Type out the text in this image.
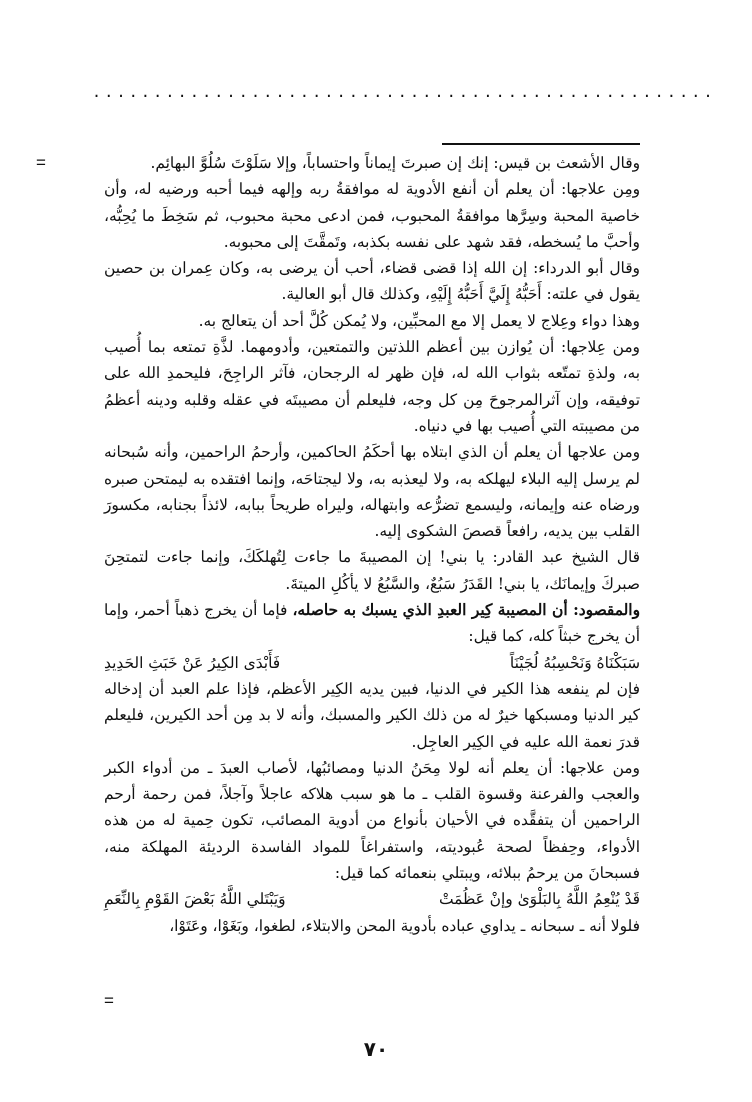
...................................................
=	وقال الأشعث بن قيس: إنك إن صبرتَ إيماناً واحتساباً، وإلا سَلَوْتَ سُلُوَّ البهائِم.

ومِن علاجها: أن يعلم أن أنفع الأدوية له موافقةُ ربه وإلهه فيما أحبه ورضيه له، وأن خاصية المحبة وسِرَّها موافقةُ المحبوب، فمن ادعى محبة محبوب، ثم سَخِطَ ما يُحِبُّه، وأحبَّ ما يُسخطه، فقد شهد على نفسه بكذبه، وتَمقَّتَ إلى محبوبه.

وقال أبو الدرداء: إن الله إذا قضى قضاء، أحب أن يرضى به، وكان عِمران بن حصين يقول في علته: أَحَبُّهُ إِلَيَّ أَحَبُّهُ إِلَيْهِ، وكذلك قال أبو العالية.

وهذا دواء وعِلاج لا يعمل إلا مع المحبِّين، ولا يُمكن كُلَّ أحد أن يتعالج به.

ومن عِلاجها: أن يُوازن بين أعظم اللذتين والتمتعين، وأدومهما. لذَّةِ تمتعه بما أُصيب به، ولذةِ تمتّعه بثواب الله له، فإن ظهر له الرجحان، فآثر الراجِحَ، فليحمدِ الله على توفيقه، وإن آثرالمرجوحَ مِن كل وجه، فليعلم أن مصيبتَه في عقله وقلبه ودينه أعظمُ من مصيبته التي أُصيب بها في دنياه.

ومن علاجها أن يعلم أن الذي ابتلاه بها أحكَمُ الحاكمين، وأرحمُ الراحمين، وأنه سُبحانه لم يرسل إليه البلاء ليهلكه به، ولا ليعذبه به، ولا ليجتاحَه، وإنما افتقده به ليمتحن صبره ورضاه عنه وإيمانه، وليسمع تضرُّعه وابتهاله، وليراه طريحاً ببابه، لائذاً بجنابه، مكسورَ القلب بين يديه، رافعاً قصصَ الشكوى إليه.

قال الشيخ عبد القادر: يا بني! إن المصيبةَ ما جاءت لِتُهلكَكَ، وإنما جاءت لتمتحِنَ صبركَ وإيمانَك، يا بني! القَدَرُ سَبُعٌ، والسَّبُعُ لا يأكُلِ الميتةَ.

والمقصود: أن المصيبة كِير العبدِ الذي يسبك به حاصله، فإما أن يخرج ذهباً أحمر، وإما أن يخرج خبثاً كله، كما قيل:

سَبَكْنَاهُ وَنَحْسِبُهُ لُجَيْنَاً
فَأَبْدَى الكِيرُ عَنْ خَبَثِ الحَدِيدِ

فإن لم ينفعه هذا الكير في الدنيا، فبين يديه الكِير الأعظم، فإذا علم العبد أن إدخاله كير الدنيا ومسبكها خيرٌ له من ذلك الكير والمسبك، وأنه لا بد مِن أحد الكيرين، فليعلم قدرَ نعمة الله عليه في الكِير العاجِل.

ومن علاجها: أن يعلم أنه لولا مِحَنُ الدنيا ومصائبُها، لأصاب العبدَ ـ من أدواء الكبر والعجب والفرعنة وقسوة القلب ـ ما هو سبب هلاكه عاجلاً وآجلاً، فمن رحمة أرحم الراحمين أن يتفقَّده في الأحيان بأنواع من أدوية المصائب، تكون حِمية له من هذه الأدواء، وحِفظاً لصحة عُبوديته، واستفراغاً للمواد الفاسدة الرديئة المهلكة منه، فسبحانَ من يرحمُ ببلائه، ويبتلي بنعمائه كما قيل:

قَدْ يُنْعِمُ اللَّهُ بِالبَلْوَىٰ وإنْ عَظُمَتْ
وَيَبْتَلي اللَّهُ بَعْضَ القَوْمِ بِالنِّعَمِ

فلولا أنه ـ سبحانه ـ يداوي عباده بأدوية المحن والابتلاء، لطغوا، وبَغَوْا، وعَتَوْا،

=
٧٠
